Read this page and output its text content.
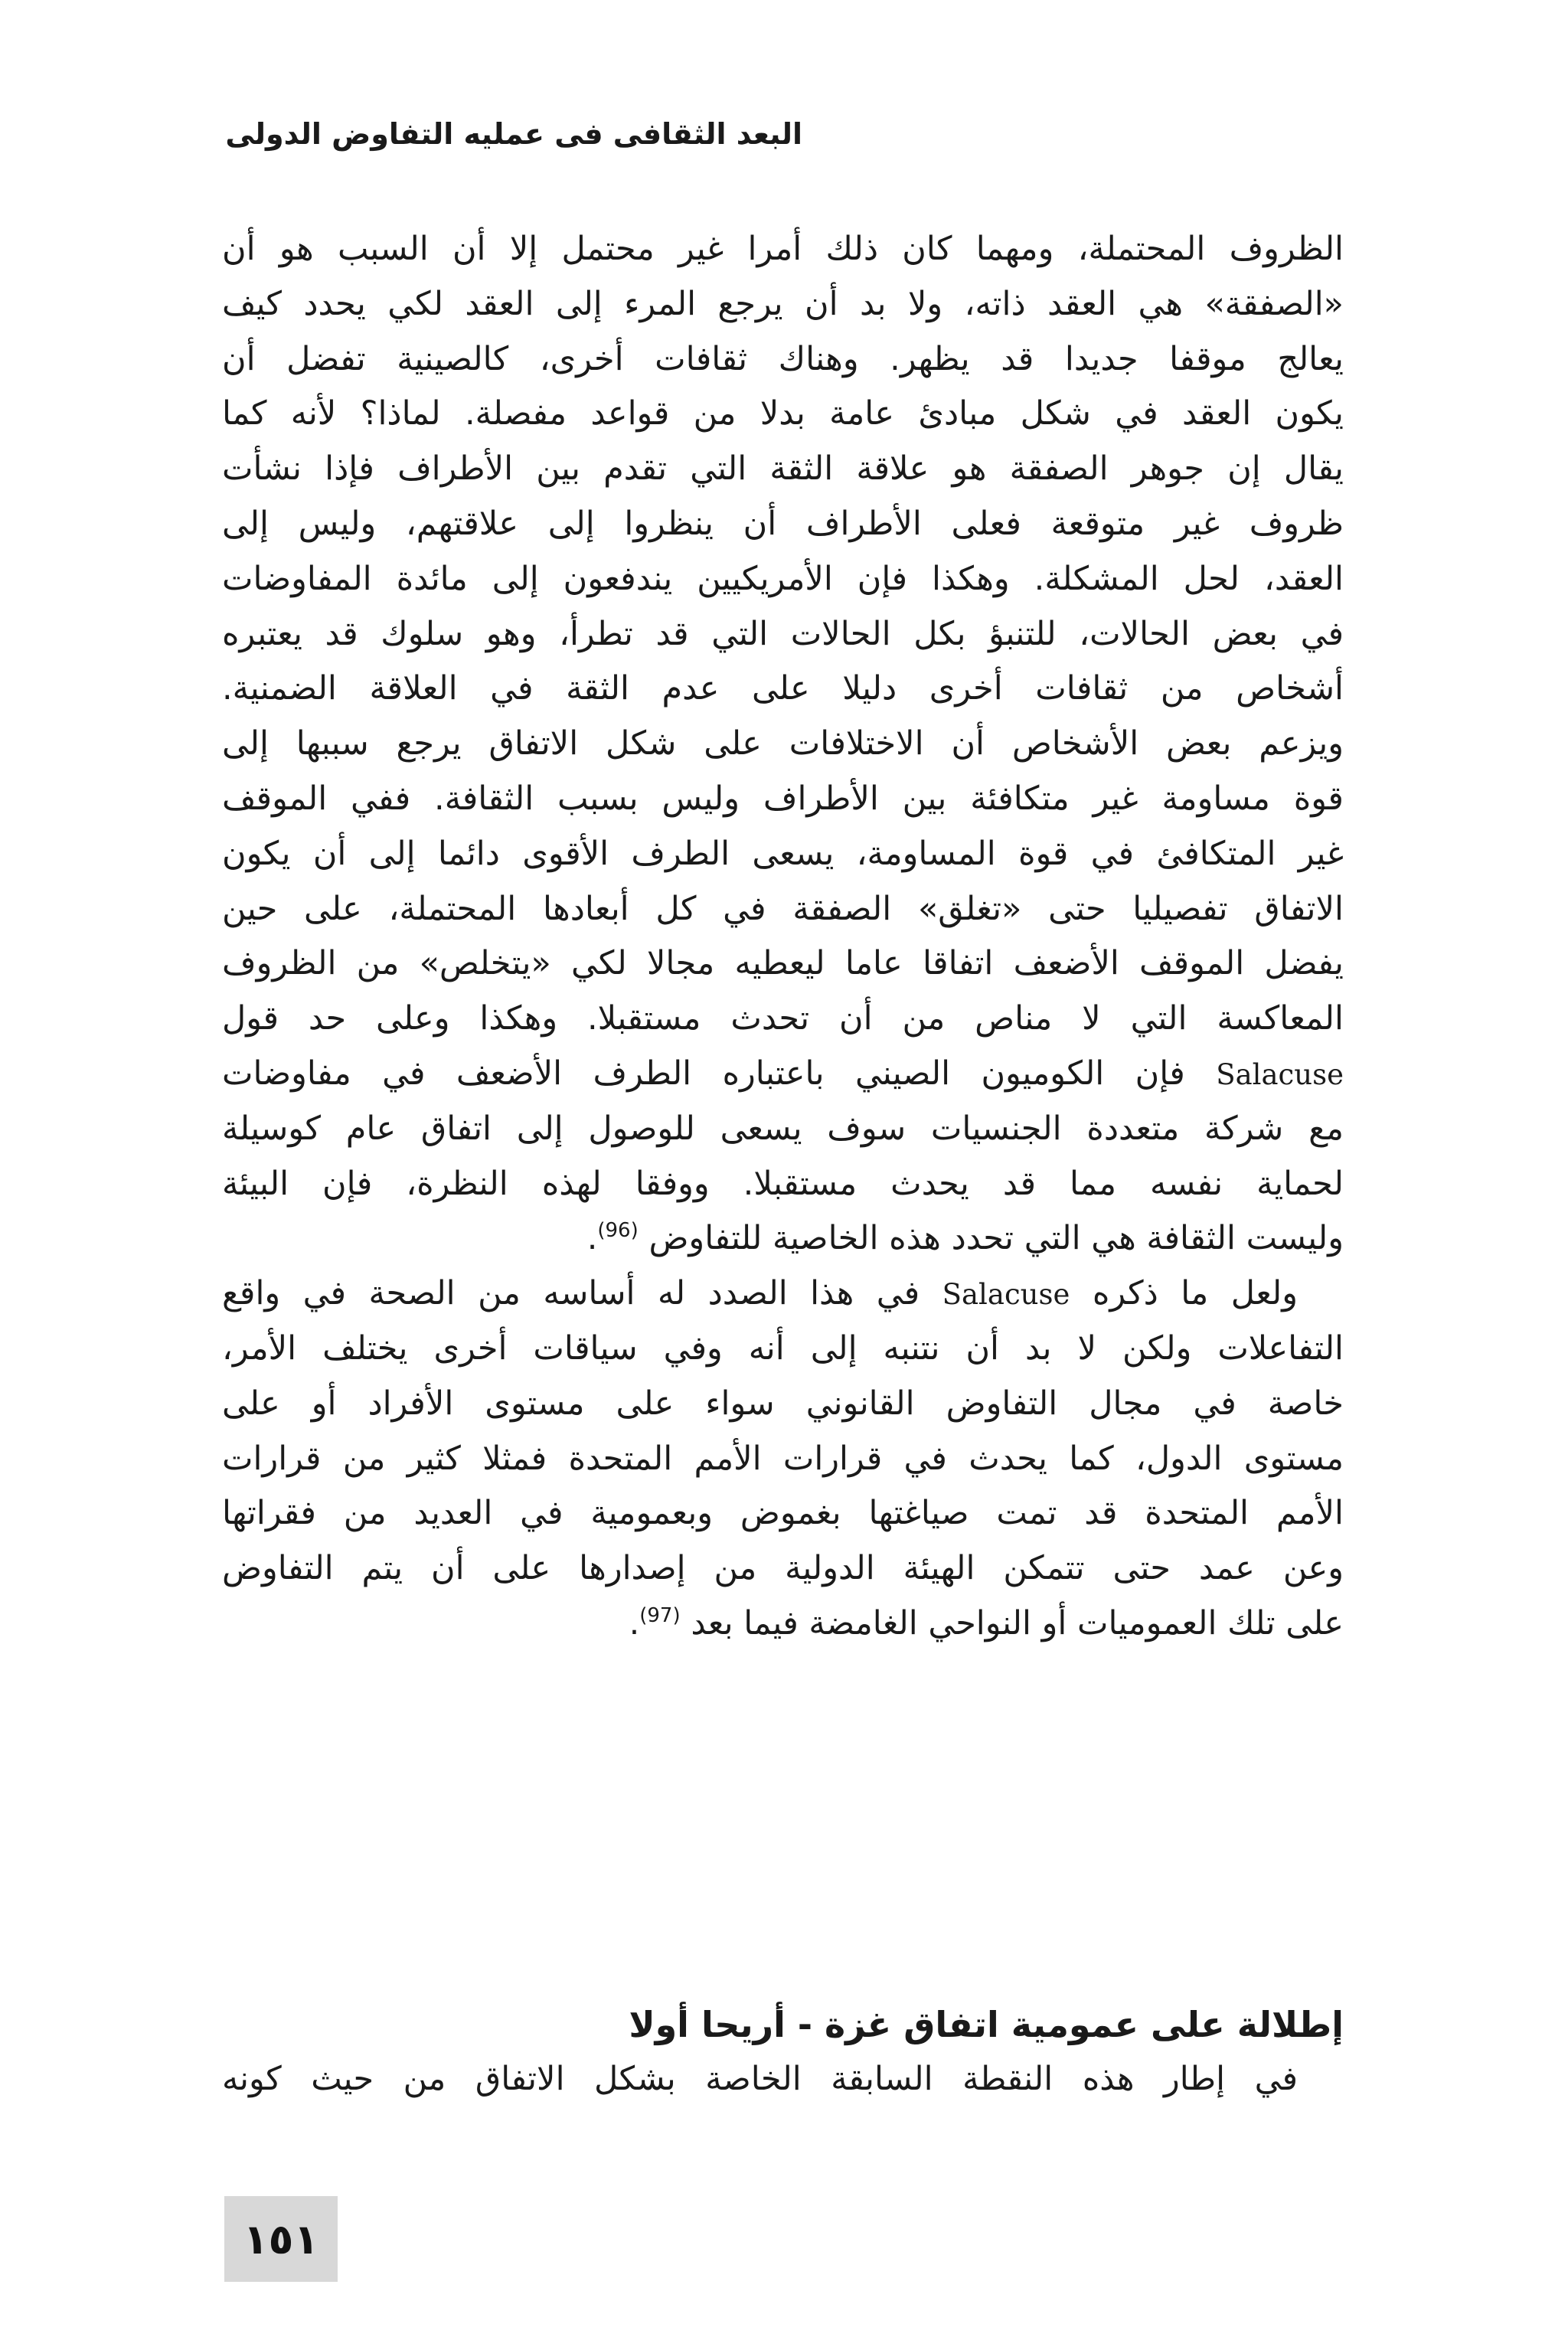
البعد الثقافى فى عمليه التفاوض الدولى
الظروف المحتملة، ومهما كان ذلك أمرا غير محتمل إلا أن السبب هو أن
«الصفقة» هي العقد ذاته، ولا بد أن يرجع المرء إلى العقد لكي يحدد كيف
يعالج موقفا جديدا قد يظهر. وهناك ثقافات أخرى، كالصينية تفضل أن
يكون العقد في شكل مبادئ عامة بدلا من قواعد مفصلة. لماذا؟ لأنه كما
يقال إن جوهر الصفقة هو علاقة الثقة التي تقدم بين الأطراف فإذا نشأت
ظروف غير متوقعة فعلى الأطراف أن ينظروا إلى علاقتهم، وليس إلى
العقد، لحل المشكلة. وهكذا فإن الأمريكيين يندفعون إلى مائدة المفاوضات
في بعض الحالات، للتنبؤ بكل الحالات التي قد تطرأ، وهو سلوك قد يعتبره
أشخاص من ثقافات أخرى دليلا على عدم الثقة في العلاقة الضمنية.
ويزعم بعض الأشخاص أن الاختلافات على شكل الاتفاق يرجع سببها إلى
قوة مساومة غير متكافئة بين الأطراف وليس بسبب الثقافة. ففي الموقف
غير المتكافئ في قوة المساومة، يسعى الطرف الأقوى دائما إلى أن يكون
الاتفاق تفصيليا حتى «تغلق» الصفقة في كل أبعادها المحتملة، على حين
يفضل الموقف الأضعف اتفاقا عاما ليعطيه مجالا لكي «يتخلص» من الظروف
المعاكسة التي لا مناص من أن تحدث مستقبلا. وهكذا وعلى حد قول
Salacuse فإن الكوميون الصيني باعتباره الطرف الأضعف في مفاوضات
مع شركة متعددة الجنسيات سوف يسعى للوصول إلى اتفاق عام كوسيلة
لحماية نفسه مما قد يحدث مستقبلا. ووفقا لهذه النظرة، فإن البيئة
وليست الثقافة هي التي تحدد هذه الخاصية للتفاوض $^{(96)}$.
ولعل ما ذكره Salacuse في هذا الصدد له أساسه من الصحة في واقع
التفاعلات ولكن لا بد أن نتنبه إلى أنه وفي سياقات أخرى يختلف الأمر،
خاصة في مجال التفاوض القانوني سواء على مستوى الأفراد أو على
مستوى الدول، كما يحدث في قرارات الأمم المتحدة فمثلا كثير من قرارات
الأمم المتحدة قد تمت صياغتها بغموض وبعمومية في العديد من فقراتها
وعن عمد حتى تتمكن الهيئة الدولية من إصدارها على أن يتم التفاوض
على تلك العموميات أو النواحي الغامضة فيما بعد $^{(97)}$.
إطلالة على عمومية اتفاق غزة - أريحا أولا
في إطار هذه النقطة السابقة الخاصة بشكل الاتفاق من حيث كونه
١٥١
